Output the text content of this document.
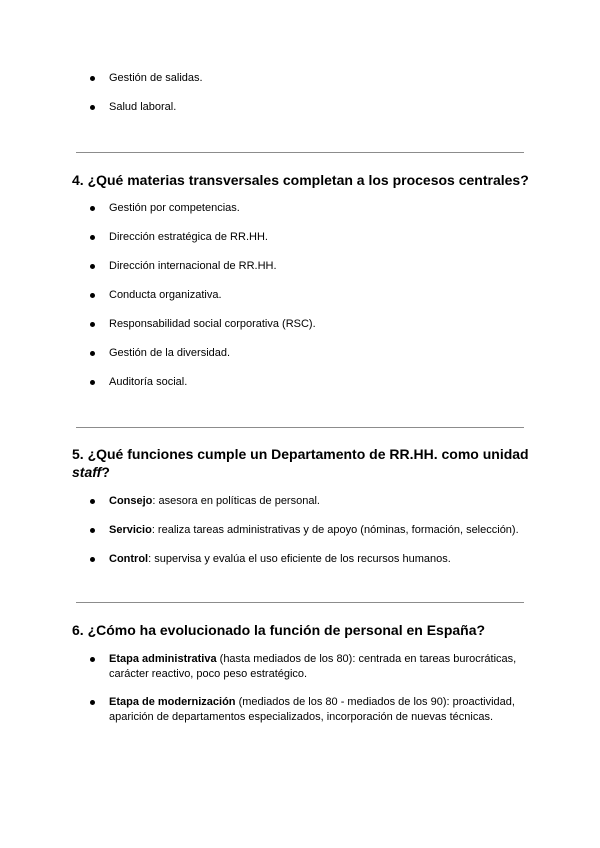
Gestión de salidas.
Salud laboral.
4. ¿Qué materias transversales completan a los procesos centrales?
Gestión por competencias.
Dirección estratégica de RR.HH.
Dirección internacional de RR.HH.
Conducta organizativa.
Responsabilidad social corporativa (RSC).
Gestión de la diversidad.
Auditoría social.
5. ¿Qué funciones cumple un Departamento de RR.HH. como unidad staff?
Consejo: asesora en políticas de personal.
Servicio: realiza tareas administrativas y de apoyo (nóminas, formación, selección).
Control: supervisa y evalúa el uso eficiente de los recursos humanos.
6. ¿Cómo ha evolucionado la función de personal en España?
Etapa administrativa (hasta mediados de los 80): centrada en tareas burocráticas, carácter reactivo, poco peso estratégico.
Etapa de modernización (mediados de los 80 - mediados de los 90): proactividad, aparición de departamentos especializados, incorporación de nuevas técnicas.
